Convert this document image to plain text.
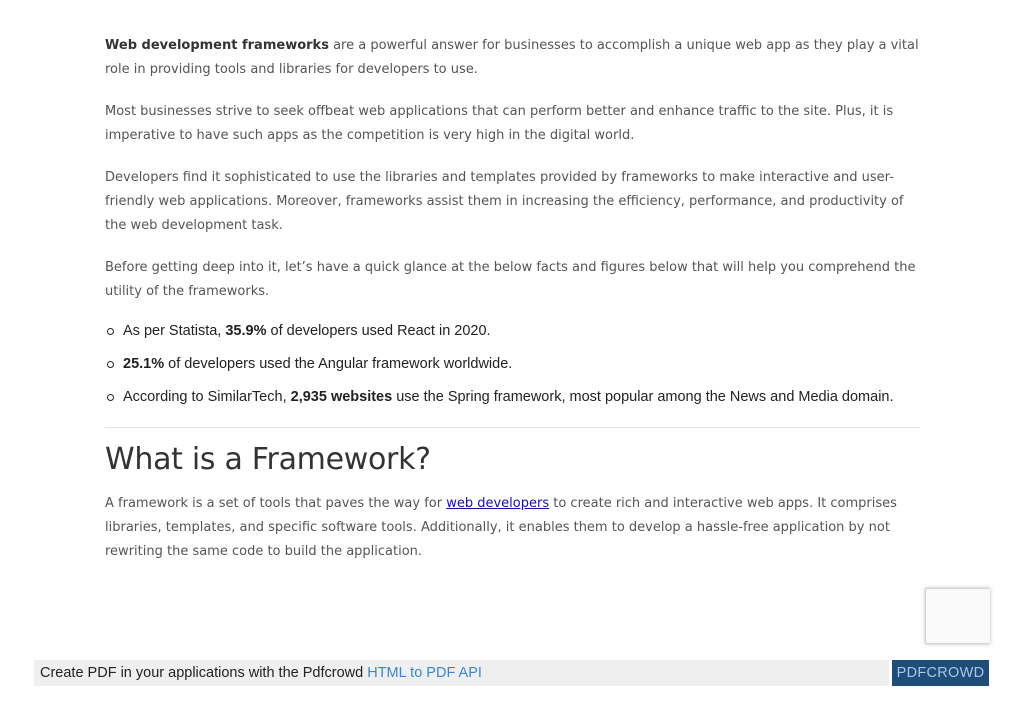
Web development frameworks are a powerful answer for businesses to accomplish a unique web app as they play a vital role in providing tools and libraries for developers to use.

Most businesses strive to seek offbeat web applications that can perform better and enhance traffic to the site. Plus, it is imperative to have such apps as the competition is very high in the digital world.

Developers find it sophisticated to use the libraries and templates provided by frameworks to make interactive and user-friendly web applications. Moreover, frameworks assist them in increasing the efficiency, performance, and productivity of the web development task.

Before getting deep into it, let’s have a quick glance at the below facts and figures below that will help you comprehend the utility of the frameworks.

As per Statista, 35.9% of developers used React in 2020.
25.1% of developers used the Angular framework worldwide.
According to SimilarTech, 2,935 websites use the Spring framework, most popular among the News and Media domain.
What is a Framework?

A framework is a set of tools that paves the way for web developers to create rich and interactive web apps. It comprises libraries, templates, and specific software tools. Additionally, it enables them to develop a hassle-free application by not rewriting the same code to build the application.

Create PDF in your applications with the Pdfcrowd HTML to PDF API	PDFCROWD
